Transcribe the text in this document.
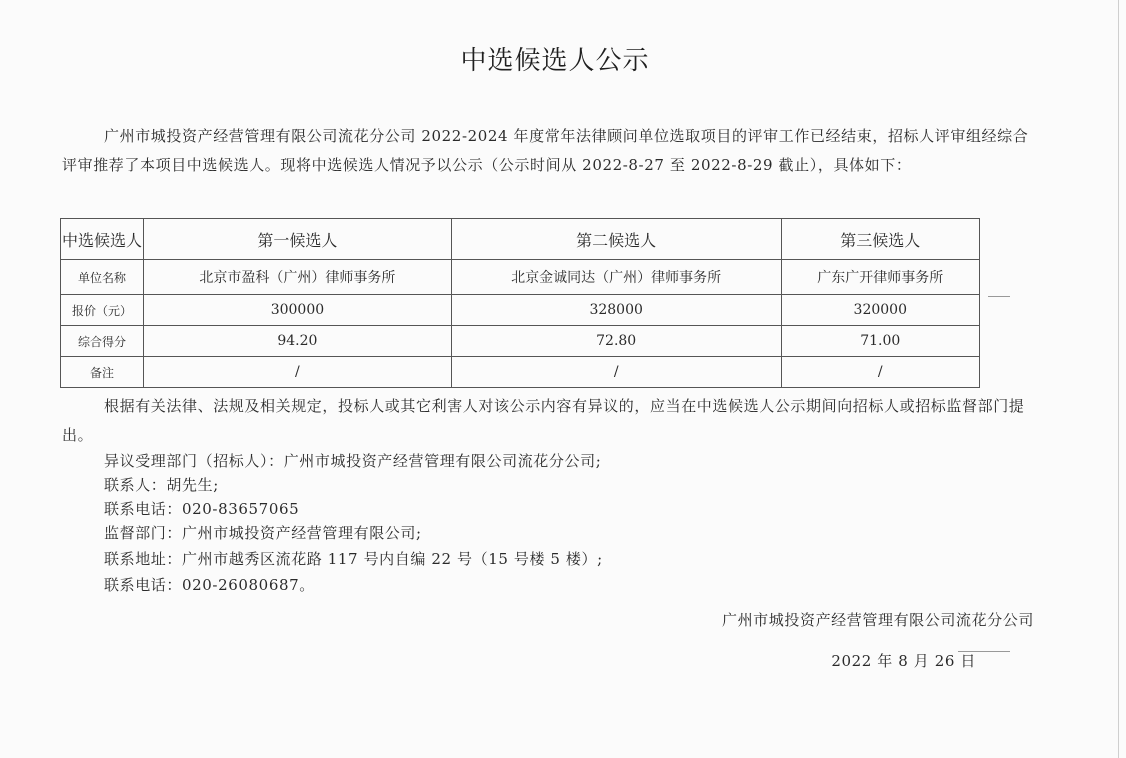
中选候选人公示
广州市城投资产经营管理有限公司流花分公司 2022-2024 年度常年法律顾问单位选取项目的评审工作已经结束，招标人评审组经综合评审推荐了本项目中选候选人。现将中选候选人情况予以公示（公示时间从 2022-8-27 至 2022-8-29 截止），具体如下：
中选候选人	第一候选人	第二候选人	第三候选人
单位名称	北京市盈科（广州）律师事务所	北京金诚同达（广州）律师事务所	广东广开律师事务所
报价（元）	300000	328000	320000
综合得分	94.20	72.80	71.00
备注	/	/	/
根据有关法律、法规及相关规定，投标人或其它利害人对该公示内容有异议的，应当在中选候选人公示期间向招标人或招标监督部门提出。
异议受理部门（招标人）：广州市城投资产经营管理有限公司流花分公司;
联系人：胡先生;
联系电话：020-83657065
监督部门：广州市城投资产经营管理有限公司;
联系地址：广州市越秀区流花路 117 号内自编 22 号（15 号楼 5 楼）;
联系电话：020-26080687。
广州市城投资产经营管理有限公司流花分公司
2022 年 8 月 26 日
